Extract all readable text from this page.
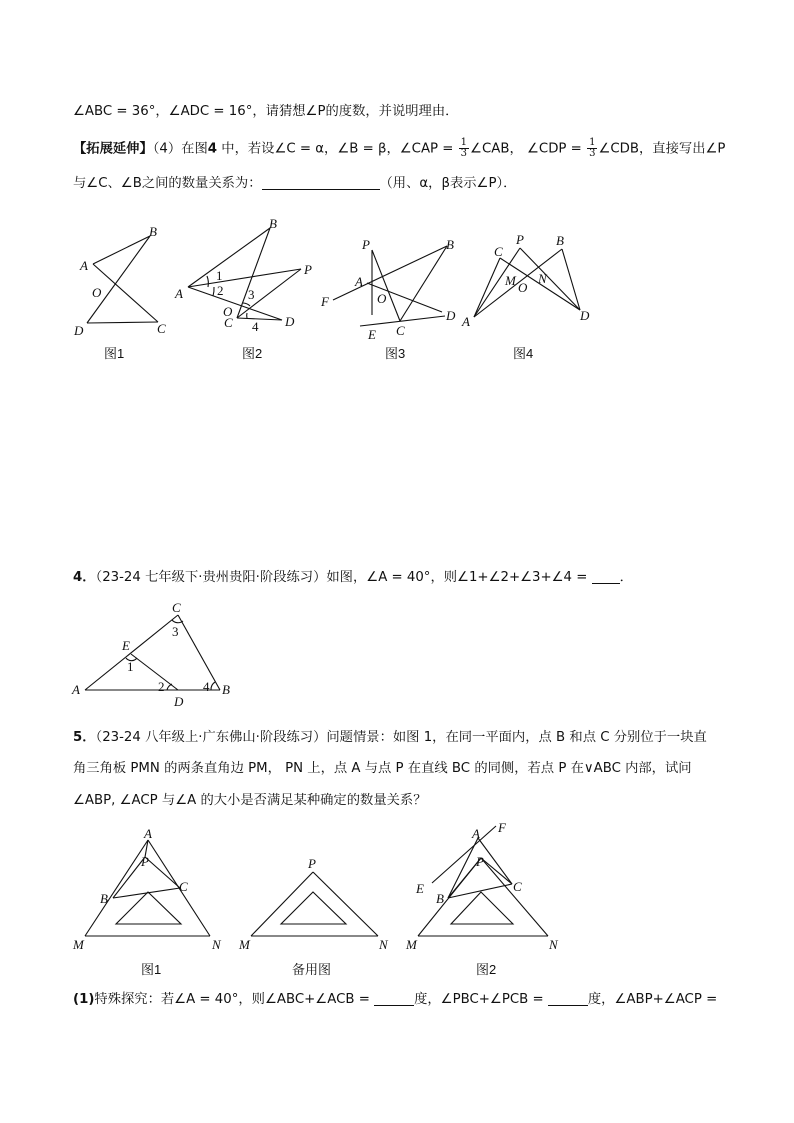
∠ABC = 36°，∠ADC = 16°，请猜想∠P的度数，并说明理由．
【拓展延伸】（4）在图4 中，若设∠C = α，∠B = β，∠CAP = $\frac{1}{3}$ ∠CAB， ∠CDP = $\frac{1}{3}$ ∠CDB，直接写出∠P
与∠C、∠B之间的数量关系为：	（用、α，β表示∠P）．
A
B
O
D	C
A
B
P
D
C
O
1
2 3
4
P	B
A
F	O
D
E C
C
P B
M N
O
A	D
图1	图2	图3	图4
4．（23-24 七年级下·贵州贵阳·阶段练习）如图，∠A = 40°，则∠1+∠2+∠3+∠4 = ．
C
E
A	B
D
3
1
2	4
5．（23-24 八年级上·广东佛山·阶段练习）问题情景：如图 1，在同一平面内，点 B 和点 C 分别位于一块直
角三角板 PMN 的两条直角边 PM， PN 上，点 A 与点 P 在直线 BC 的同侧，若点 P 在∨ABC 内部，试问
∠ABP, ∠ACP 与∠A 的大小是否满足某种确定的数量关系？
A
P
B
C
M	N
P
M	N
A F
P
E
B
C
M	N
图1	备用图	图2
(1)特殊探究：若∠A = 40°，则∠ABC+∠ACB =	度，∠PBC+∠PCB =	度，∠ABP+∠ACP =
